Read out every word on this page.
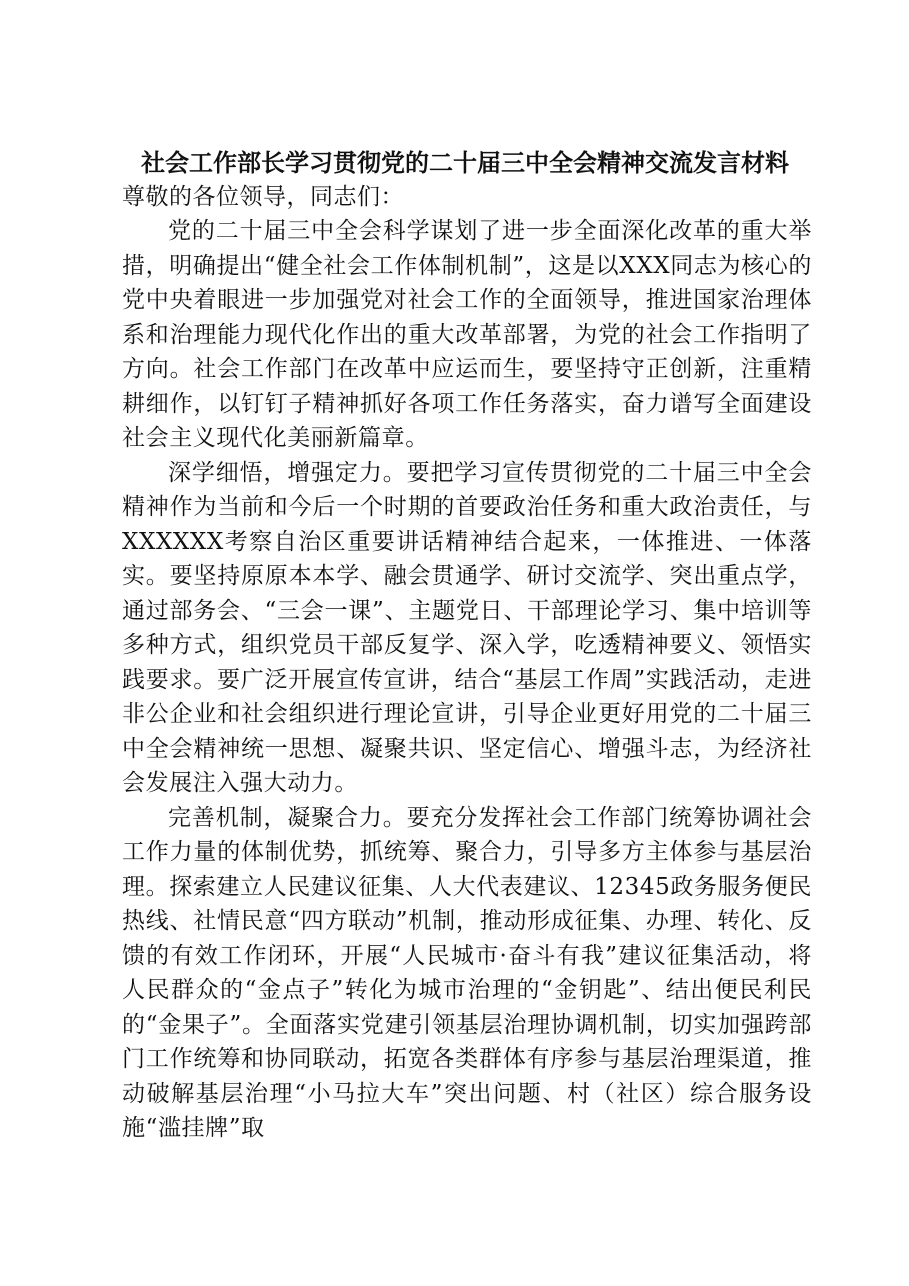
社会工作部长学习贯彻党的二十届三中全会精神交流发言材料

尊敬的各位领导，同志们：

党的二十届三中全会科学谋划了进一步全面深化改革的重大举措，明确提出“健全社会工作体制机制”，这是以XXX同志为核心的党中央着眼进一步加强党对社会工作的全面领导，推进国家治理体系和治理能力现代化作出的重大改革部署，为党的社会工作指明了方向。社会工作部门在改革中应运而生，要坚持守正创新，注重精耕细作，以钉钉子精神抓好各项工作任务落实，奋力谱写全面建设社会主义现代化美丽新篇章。

深学细悟，增强定力。要把学习宣传贯彻党的二十届三中全会精神作为当前和今后一个时期的首要政治任务和重大政治责任，与XXXXXX考察自治区重要讲话精神结合起来，一体推进、一体落实。要坚持原原本本学、融会贯通学、研讨交流学、突出重点学，通过部务会、“三会一课”、主题党日、干部理论学习、集中培训等多种方式，组织党员干部反复学、深入学，吃透精神要义、领悟实践要求。要广泛开展宣传宣讲，结合“基层工作周”实践活动，走进非公企业和社会组织进行理论宣讲，引导企业更好用党的二十届三中全会精神统一思想、凝聚共识、坚定信心、增强斗志，为经济社会发展注入强大动力。

完善机制，凝聚合力。要充分发挥社会工作部门统筹协调社会工作力量的体制优势，抓统筹、聚合力，引导多方主体参与基层治理。探索建立人民建议征集、人大代表建议、12345政务服务便民热线、社情民意“四方联动”机制，推动形成征集、办理、转化、反馈的有效工作闭环，开展“人民城市·奋斗有我”建议征集活动，将人民群众的“金点子”转化为城市治理的“金钥匙”、结出便民利民的“金果子”。全面落实党建引领基层治理协调机制，切实加强跨部门工作统筹和协同联动，拓宽各类群体有序参与基层治理渠道，推动破解基层治理“小马拉大车”突出问题、村（社区）综合服务设施“滥挂牌”取
